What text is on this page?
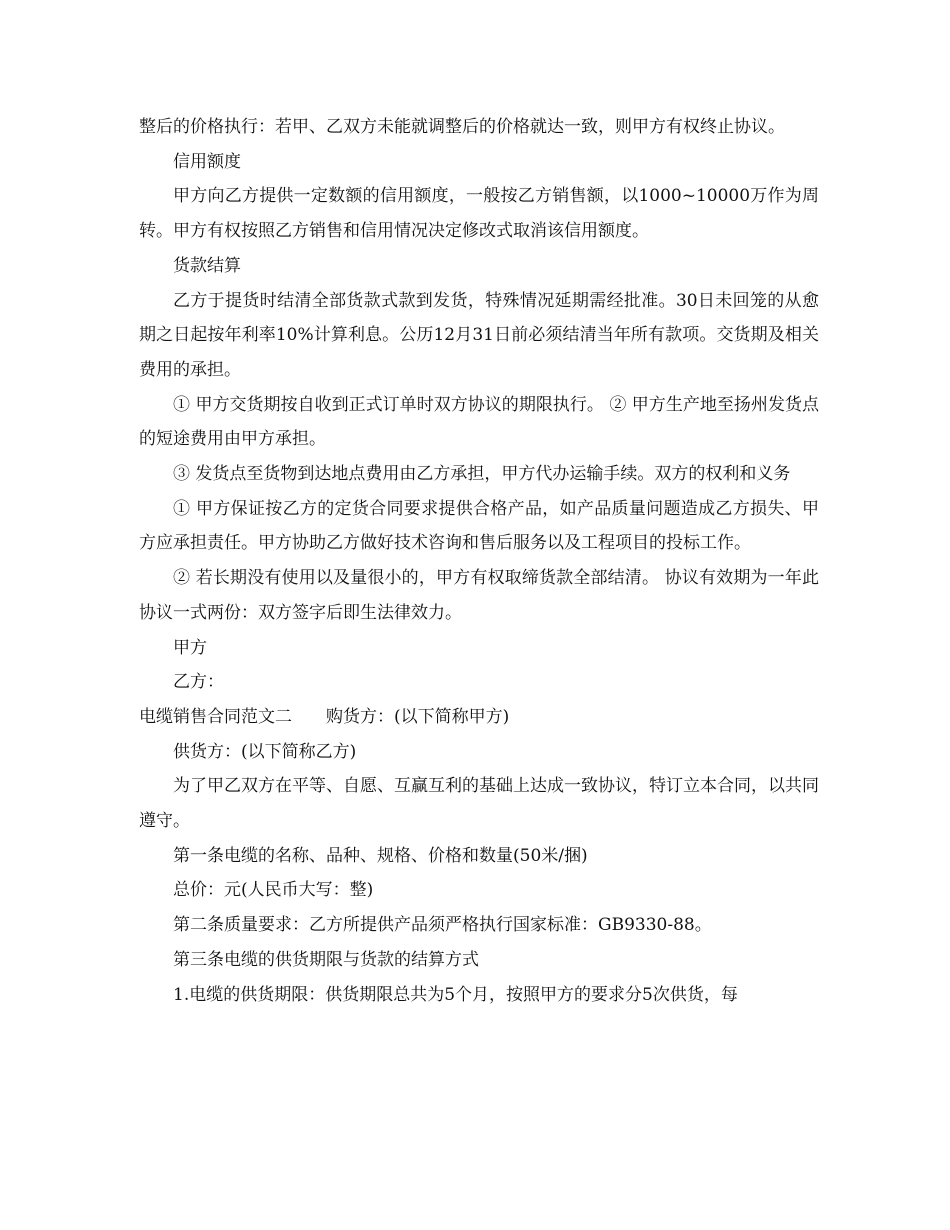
整后的价格执行：若甲、乙双方未能就调整后的价格就达一致，则甲方有权终止协议。

信用额度

甲方向乙方提供一定数额的信用额度，一般按乙方销售额，以1000~10000万作为周转。甲方有权按照乙方销售和信用情况决定修改式取消该信用额度。

货款结算

乙方于提货时结清全部货款式款到发货，特殊情况延期需经批准。30日未回笼的从愈期之日起按年利率10%计算利息。公历12月31日前必须结清当年所有款项。交货期及相关费用的承担。

① 甲方交货期按自收到正式订单时双方协议的期限执行。 ② 甲方生产地至扬州发货点的短途费用由甲方承担。

③ 发货点至货物到达地点费用由乙方承担，甲方代办运输手续。双方的权利和义务

① 甲方保证按乙方的定货合同要求提供合格产品，如产品质量问题造成乙方损失、甲方应承担责任。甲方协助乙方做好技术咨询和售后服务以及工程项目的投标工作。

② 若长期没有使用以及量很小的，甲方有权取缔货款全部结清。 协议有效期为一年此协议一式两份：双方签字后即生法律效力。

甲方

乙方：

电缆销售合同范文二　　购货方：(以下简称甲方)

供货方：(以下简称乙方)

为了甲乙双方在平等、自愿、互赢互利的基础上达成一致协议，特订立本合同，以共同遵守。

第一条电缆的名称、品种、规格、价格和数量(50米/捆)

总价：元(人民币大写：整)

第二条质量要求：乙方所提供产品须严格执行国家标准：GB9330-88。

第三条电缆的供货期限与货款的结算方式

1.电缆的供货期限：供货期限总共为5个月，按照甲方的要求分5次供货，每
